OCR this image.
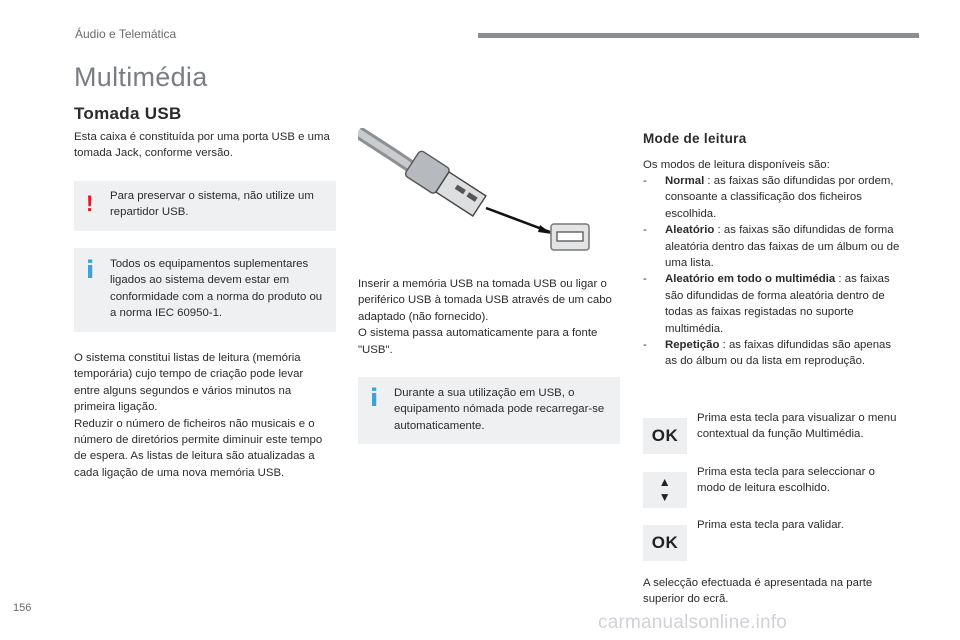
Áudio e Telemática
Multimédia
Tomada USB

Esta caixa é constituída por uma porta USB e uma tomada Jack, conforme versão.

! Para preservar o sistema, não utilize um repartidor USB.
i Todos os equipamentos suplementares ligados ao sistema devem estar em conformidade com a norma do produto ou a norma IEC 60950-1.

O sistema constitui listas de leitura (memória temporária) cujo tempo de criação pode levar entre alguns segundos e vários minutos na primeira ligação.
Reduzir o número de ficheiros não musicais e o número de diretórios permite diminuir este tempo de espera. As listas de leitura são atualizadas a cada ligação de uma nova memória USB.

Inserir a memória USB na tomada USB ou ligar o periférico USB à tomada USB através de um cabo adaptado (não fornecido).
O sistema passa automaticamente para a fonte "USB".

i Durante a sua utilização em USB, o equipamento nómada pode recarregar-se automaticamente.
Mode de leitura

Os modos de leitura disponíveis são:

- Normal : as faixas são difundidas por ordem, consoante a classificação dos ficheiros escolhida.
- Aleatório : as faixas são difundidas de forma aleatória dentro das faixas de um álbum ou de uma lista.
- Aleatório em todo o multimédia : as faixas são difundidas de forma aleatória dentro de todas as faixas registadas no suporte multimédia.
- Repetição : as faixas difundidas são apenas as do álbum ou da lista em reprodução.
OK

Prima esta tecla para visualizar o menu contextual da função Multimédia.

▲
▼

Prima esta tecla para seleccionar o modo de leitura escolhido.

OK

Prima esta tecla para validar.

A selecção efectuada é apresentada na parte superior do ecrã.

156
carmanualsonline.info
